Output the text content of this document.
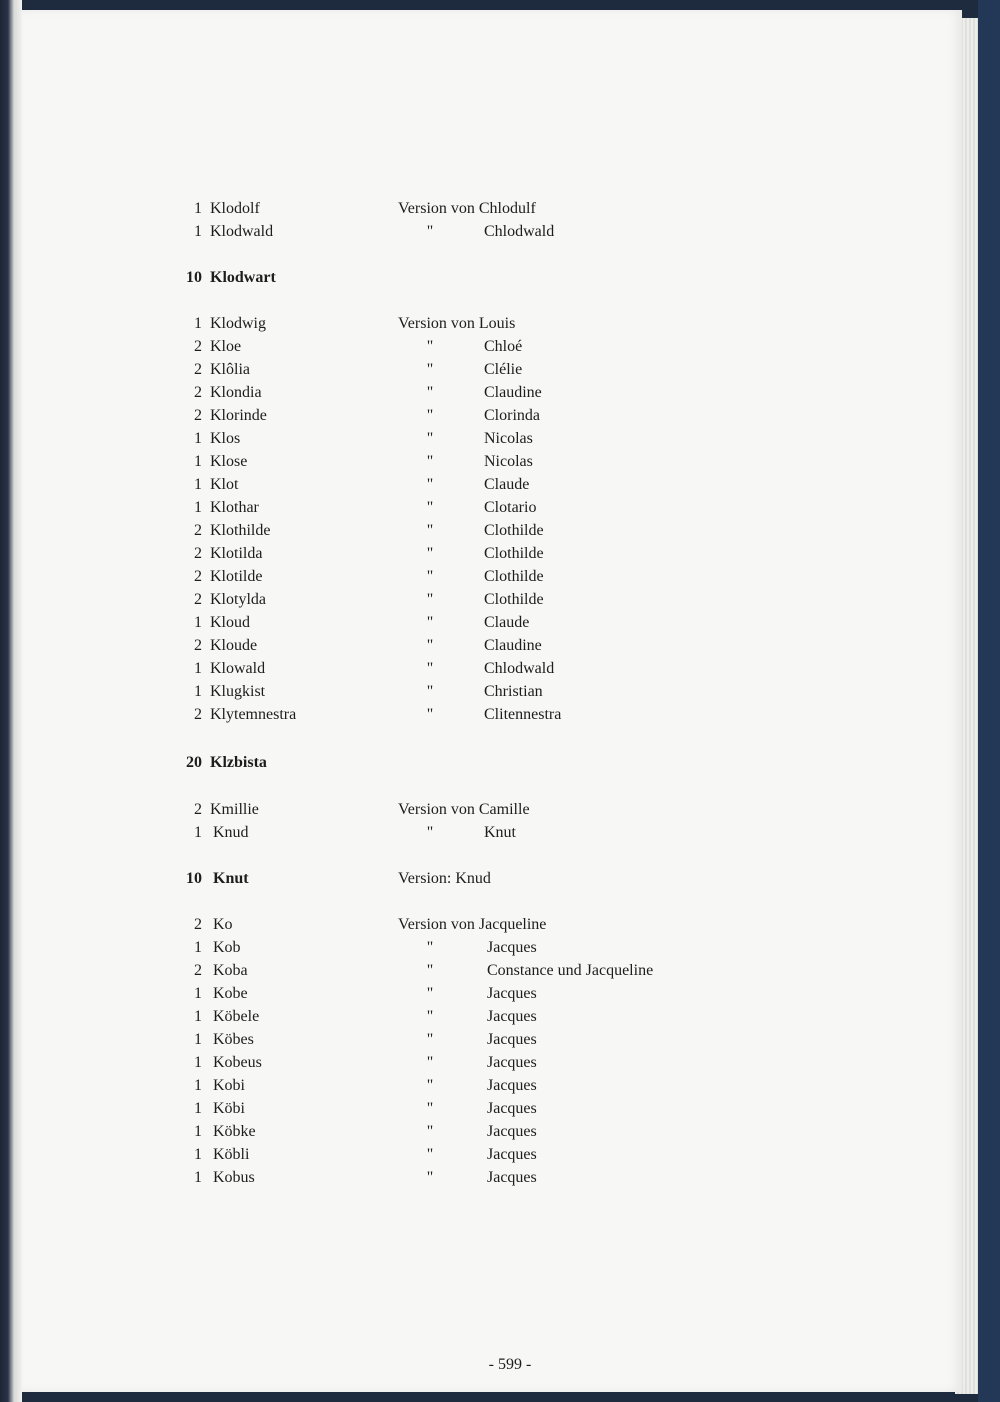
1 Klodolf	Version von Chlodulf
1 Klodwald	"	Chlodwald
10 Klodwart
1 Klodwig	Version von Louis
2 Kloe	"	Chloé
2 Klôlia	"	Clélie
2 Klondia	"	Claudine
2 Klorinde	"	Clorinda
1 Klos	"	Nicolas
1 Klose	"	Nicolas
1 Klot	"	Claude
1 Klothar	"	Clotario
2 Klothilde	"	Clothilde
2 Klotilda	"	Clothilde
2 Klotilde	"	Clothilde
2 Klotylda	"	Clothilde
1 Kloud	"	Claude
2 Kloude	"	Claudine
1 Klowald	"	Chlodwald
1 Klugkist	"	Christian
2 Klytemnestra	"	Clitennestra
20 Klzbista
2 Kmillie	Version von Camille
1 Knud	"	Knut
10 Knut	Version: Knud
2 Ko	Version von Jacqueline
1 Kob	"	Jacques
2 Koba	"	Constance und Jacqueline
1 Kobe	"	Jacques
1 Köbele	"	Jacques
1 Köbes	"	Jacques
1 Kobeus	"	Jacques
1 Kobi	"	Jacques
1 Köbi	"	Jacques
1 Köbke	"	Jacques
1 Köbli	"	Jacques
1 Kobus	"	Jacques
- 599 -
